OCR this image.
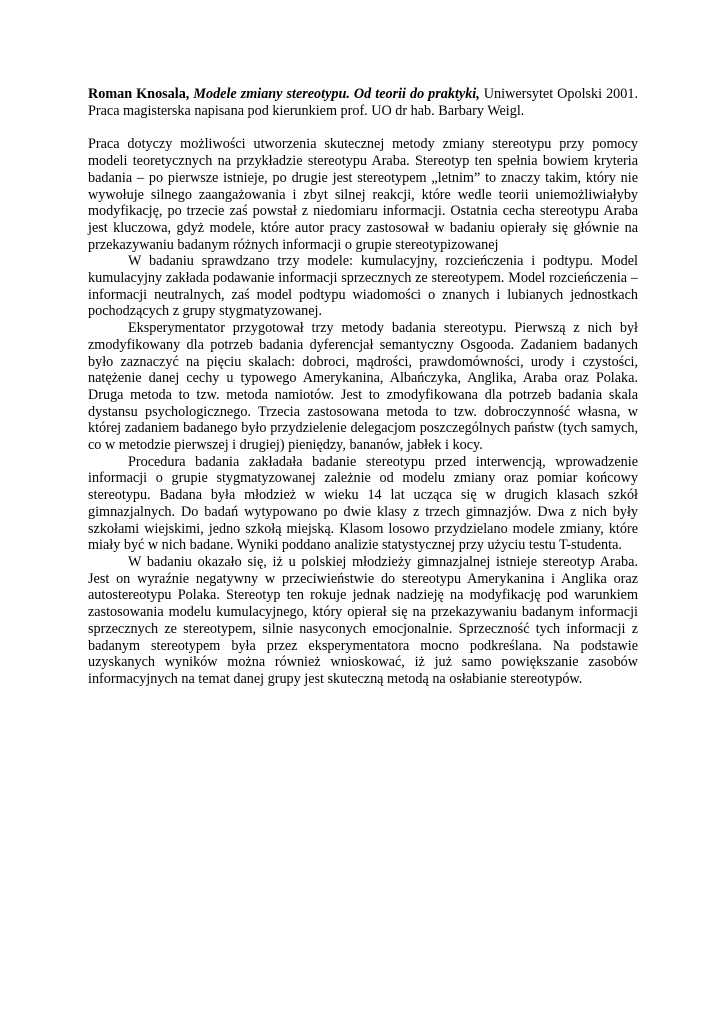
Roman Knosala, Modele zmiany stereotypu. Od teorii do praktyki, Uniwersytet Opolski 2001. Praca magisterska napisana pod kierunkiem prof. UO dr hab. Barbary Weigl.

Praca dotyczy możliwości utworzenia skutecznej metody zmiany stereotypu przy pomocy modeli teoretycznych na przykładzie stereotypu Araba. Stereotyp ten spełnia bowiem kryteria badania – po pierwsze istnieje, po drugie jest stereotypem „letnim” to znaczy takim, który nie wywołuje silnego zaangażowania i zbyt silnej reakcji, które wedle teorii uniemożliwiałyby modyfikację, po trzecie zaś powstał z niedomiaru informacji. Ostatnia cecha stereotypu Araba jest kluczowa, gdyż modele, które autor pracy zastosował w badaniu opierały się głównie na przekazywaniu badanym różnych informacji o grupie stereotypizowanej

W badaniu sprawdzano trzy modele: kumulacyjny, rozcieńczenia i podtypu. Model kumulacyjny zakłada podawanie informacji sprzecznych ze stereotypem. Model rozcieńczenia – informacji neutralnych, zaś model podtypu wiadomości o znanych i lubianych jednostkach pochodzących z grupy stygmatyzowanej.

Eksperymentator przygotował trzy metody badania stereotypu. Pierwszą z nich był zmodyfikowany dla potrzeb badania dyferencjał semantyczny Osgooda. Zadaniem badanych było zaznaczyć na pięciu skalach: dobroci, mądrości, prawdomówności, urody i czystości, natężenie danej cechy u typowego Amerykanina, Albańczyka, Anglika, Araba oraz Polaka. Druga metoda to tzw. metoda namiotów. Jest to zmodyfikowana dla potrzeb badania skala dystansu psychologicznego. Trzecia zastosowana metoda to tzw. dobroczynność własna, w której zadaniem badanego było przydzielenie delegacjom poszczególnych państw (tych samych, co w metodzie pierwszej i drugiej) pieniędzy, bananów, jabłek i kocy.

Procedura badania zakładała badanie stereotypu przed interwencją, wprowadzenie informacji o grupie stygmatyzowanej zależnie od modelu zmiany oraz pomiar końcowy stereotypu. Badana była młodzież w wieku 14 lat ucząca się w drugich klasach szkół gimnazjalnych. Do badań wytypowano po dwie klasy z trzech gimnazjów. Dwa z nich były szkołami wiejskimi, jedno szkołą miejską. Klasom losowo przydzielano modele zmiany, które miały być w nich badane. Wyniki poddano analizie statystycznej przy użyciu testu T-studenta.

W badaniu okazało się, iż u polskiej młodzieży gimnazjalnej istnieje stereotyp Araba. Jest on wyraźnie negatywny w przeciwieństwie do stereotypu Amerykanina i Anglika oraz autostereotypu Polaka. Stereotyp ten rokuje jednak nadzieję na modyfikację pod warunkiem zastosowania modelu kumulacyjnego, który opierał się na przekazywaniu badanym informacji sprzecznych ze stereotypem, silnie nasyconych emocjonalnie. Sprzeczność tych informacji z badanym stereotypem była przez eksperymentatora mocno podkreślana. Na podstawie uzyskanych wyników można również wnioskować, iż już samo powiększanie zasobów informacyjnych na temat danej grupy jest skuteczną metodą na osłabianie stereotypów.
